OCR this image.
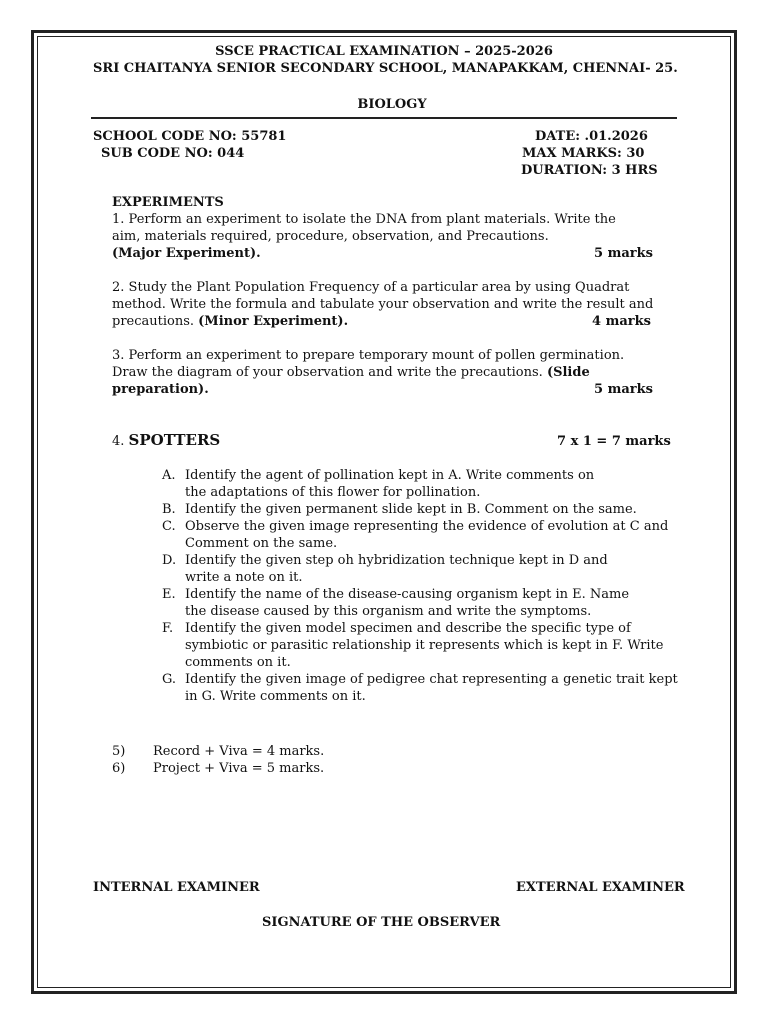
SSCE PRACTICAL EXAMINATION – 2025-2026
SRI CHAITANYA SENIOR SECONDARY SCHOOL, MANAPAKKAM, CHENNAI- 25.
BIOLOGY
SCHOOL CODE NO: 55781
SUB CODE NO: 044
DATE: .01.2026
MAX MARKS: 30
DURATION: 3 HRS
EXPERIMENTS
1. Perform an experiment to isolate the DNA from plant materials. Write the
aim, materials required, procedure, observation, and Precautions.
(Major Experiment).	5 marks
2. Study the Plant Population Frequency of a particular area by using Quadrat
method. Write the formula and tabulate your observation and write the result and
precautions. (Minor Experiment).	4 marks
3. Perform an experiment to prepare temporary mount of pollen germination.
Draw the diagram of your observation and write the precautions. (Slide
preparation).	5 marks
4. SPOTTERS	7 x 1 = 7 marks
A. Identify the agent of pollination kept in A. Write comments on
the adaptations of this flower for pollination.
B. Identify the given permanent slide kept in B. Comment on the same.
C. Observe the given image representing the evidence of evolution at C and
Comment on the same.
D. Identify the given step oh hybridization technique kept in D and
write a note on it.
E. Identify the name of the disease-causing organism kept in E. Name
the disease caused by this organism and write the symptoms.
F. Identify the given model specimen and describe the specific type of
symbiotic or parasitic relationship it represents which is kept in F. Write
comments on it.
G. Identify the given image of pedigree chat representing a genetic trait kept
in G. Write comments on it.
5) Record + Viva = 4 marks.
6) Project + Viva = 5 marks.
INTERNAL EXAMINER	EXTERNAL EXAMINER
SIGNATURE OF THE OBSERVER
